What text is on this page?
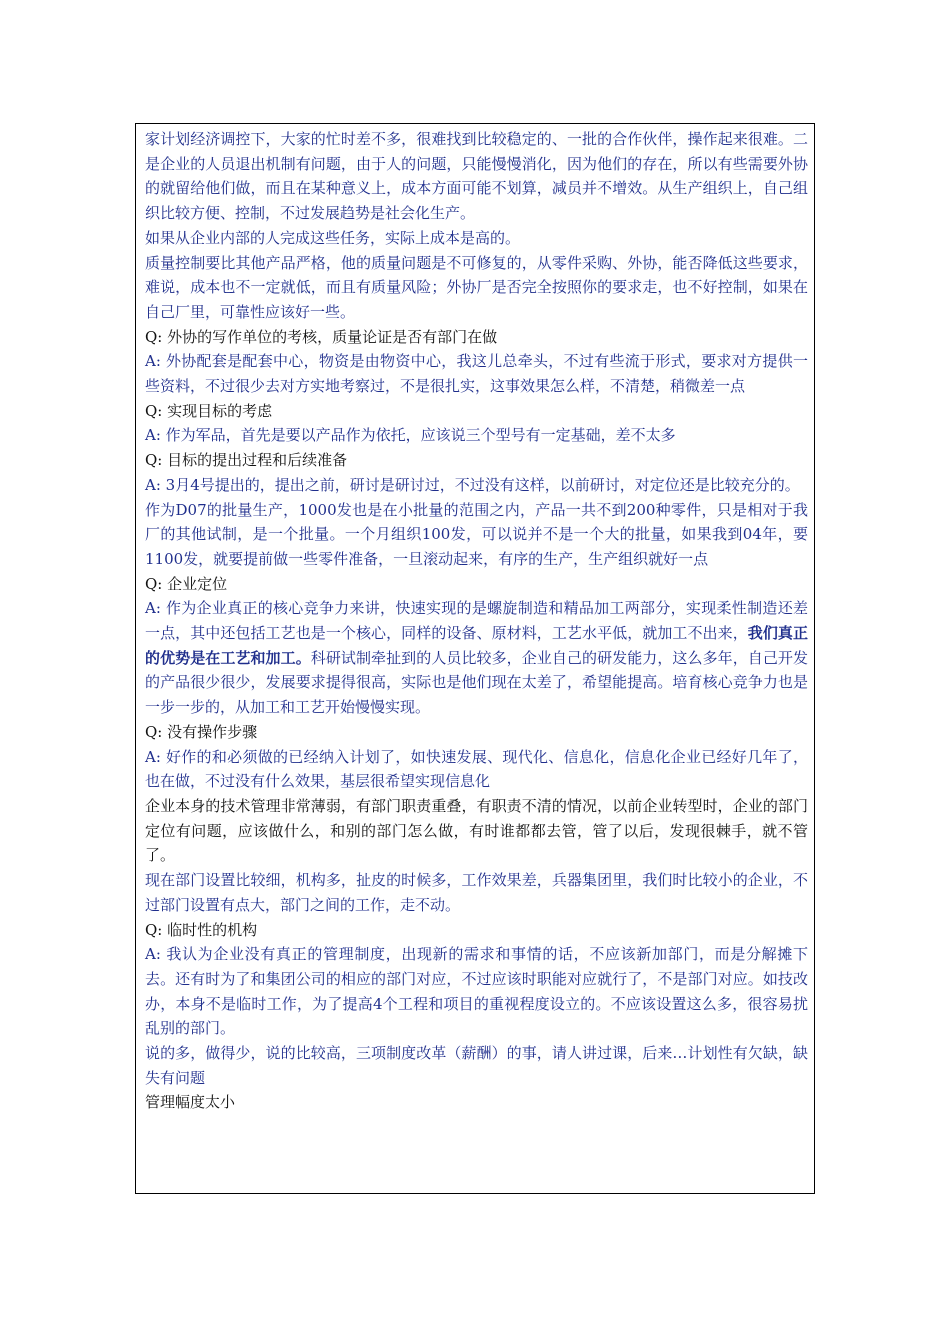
家计划经济调控下，大家的忙时差不多，很难找到比较稳定的、一批的合作伙伴，操作起来很难。二是企业的人员退出机制有问题，由于人的问题，只能慢慢消化，因为他们的存在，所以有些需要外协的就留给他们做，而且在某种意义上，成本方面可能不划算，减员并不增效。从生产组织上，自己组织比较方便、控制，不过发展趋势是社会化生产。

如果从企业内部的人完成这些任务，实际上成本是高的。

质量控制要比其他产品严格，他的质量问题是不可修复的，从零件采购、外协，能否降低这些要求，难说，成本也不一定就低，而且有质量风险；外协厂是否完全按照你的要求走，也不好控制，如果在自己厂里，可靠性应该好一些。

Q: 外协的写作单位的考核，质量论证是否有部门在做

A: 外协配套是配套中心，物资是由物资中心，我这儿总牵头，不过有些流于形式，要求对方提供一些资料，不过很少去对方实地考察过，不是很扎实，这事效果怎么样，不清楚，稍微差一点

Q: 实现目标的考虑

A: 作为军品，首先是要以产品作为依托，应该说三个型号有一定基础，差不太多

Q: 目标的提出过程和后续准备

A: 3月4号提出的，提出之前，研讨是研讨过，不过没有这样，以前研讨，对定位还是比较充分的。

作为D07的批量生产，1000发也是在小批量的范围之内，产品一共不到200种零件，只是相对于我厂的其他试制，是一个批量。一个月组织100发，可以说并不是一个大的批量，如果我到04年，要1100发，就要提前做一些零件准备，一旦滚动起来，有序的生产，生产组织就好一点

Q: 企业定位

A: 作为企业真正的核心竞争力来讲，快速实现的是螺旋制造和精品加工两部分，实现柔性制造还差一点，其中还包括工艺也是一个核心，同样的设备、原材料，工艺水平低，就加工不出来，我们真正的优势是在工艺和加工。科研试制牵扯到的人员比较多，企业自己的研发能力，这么多年，自己开发的产品很少很少，发展要求提得很高，实际也是他们现在太差了，希望能提高。培育核心竞争力也是一步一步的，从加工和工艺开始慢慢实现。

Q: 没有操作步骤

A: 好作的和必须做的已经纳入计划了，如快速发展、现代化、信息化，信息化企业已经好几年了，也在做，不过没有什么效果，基层很希望实现信息化

企业本身的技术管理非常薄弱，有部门职责重叠，有职责不清的情况，以前企业转型时，企业的部门定位有问题，应该做什么，和别的部门怎么做，有时谁都都去管，管了以后，发现很棘手，就不管了。

现在部门设置比较细，机构多，扯皮的时候多，工作效果差，兵器集团里，我们时比较小的企业，不过部门设置有点大，部门之间的工作，走不动。

Q: 临时性的机构

A: 我认为企业没有真正的管理制度，出现新的需求和事情的话，不应该新加部门，而是分解摊下去。还有时为了和集团公司的相应的部门对应，不过应该时职能对应就行了，不是部门对应。如技改办，本身不是临时工作，为了提高4个工程和项目的重视程度设立的。不应该设置这么多，很容易扰乱别的部门。

说的多，做得少，说的比较高，三项制度改革（薪酬）的事，请人讲过课，后来…计划性有欠缺，缺失有问题

管理幅度太小
